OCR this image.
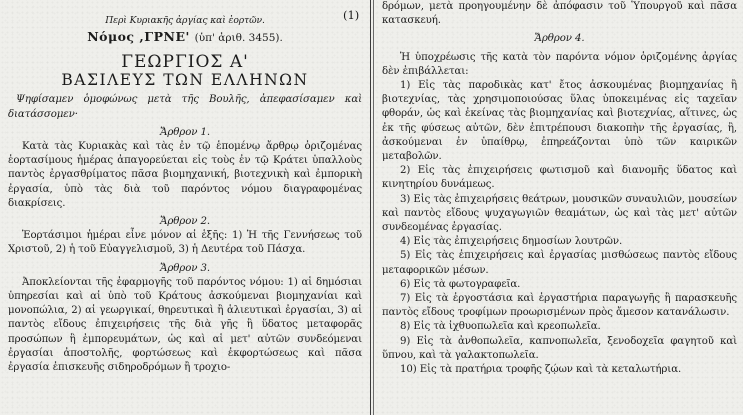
(1)

Περὶ Κυριακῆς ἀργίας καὶ ἑορτῶν.

Νόμος ,ΓΡΝΕ' (ὑπ' ἀριθ. 3455).

ΓΕΩΡΓΙΟΣ Α'

ΒΑΣΙΛΕΥΣ ΤΩΝ ΕΛΛΗΝΩΝ

Ψηφίσαμεν ὁμοφώνως μετὰ τῆς Βουλῆς, ἀπεφασίσαμεν καὶ διατάσσομεν·

Ἄρθρον 1.

Κατὰ τὰς Κυριακὰς καὶ τὰς ἐν τῷ ἑπομένῳ ἄρθρῳ ὁριζομένας ἑορτασίμους ἡμέρας ἀπαγορεύεται εἰς τοὺς ἐν τῷ Κράτει ὑπαλλοὺς παντὸς ἐργασθρίματος πᾶσα βιομηχανική, βιοτεχνικὴ καὶ ἐμπορικὴ ἐργασία, ὑπὸ τὰς διὰ τοῦ παρόντος νόμου διαγραφομένας διακρίσεις.

Ἄρθρον 2.

Ἑορτάσιμοι ἡμέραι εἶνε μόνον αἱ ἑξῆς: 1) Ἡ τῆς Γεννήσεως τοῦ Χριστοῦ, 2) ἡ τοῦ Εὐαγγελισμοῦ, 3) ἡ Δευτέρα τοῦ Πάσχα.

Ἄρθρον 3.

Ἀποκλείονται τῆς ἐφαρμογῆς τοῦ παρόντος νόμου: 1) αἱ δημόσιαι ὑπηρεσίαι καὶ αἱ ὑπὸ τοῦ Κράτους ἀσκούμεναι βιομηχανίαι καὶ μονοπώλια, 2) αἱ γεωργικαί, θηρευτικαὶ ἢ ἁλιευτικαὶ ἐργασίαι, 3) αἱ παντὸς εἴδους ἐπιχειρήσεις τῆς διὰ γῆς ἢ ὕδατος μεταφορᾶς προσώπων ἢ ἐμπορευμάτων, ὡς καὶ αἱ μετ' αὐτῶν συνδεόμεναι ἐργασίαι ἀποστολῆς, φορτώσεως καὶ ἐκφορτώσεως καὶ πᾶσα ἐργασία ἐπισκευῆς σιδηροδρόμων ἢ τροχιο-

δρόμων, μετὰ προηγουμένην δὲ ἀπόφασιν τοῦ Ὑπουργοῦ καὶ πᾶσα κατασκευή.

Ἄρθρον 4.

Ἡ ὑποχρέωσις τῆς κατὰ τὸν παρόντα νόμον ὁριζομένης ἀργίας δὲν ἐπιβάλλεται:

1) Εἰς τὰς παροδικὰς κατ' ἔτος ἀσκουμένας βιομηχανίας ἢ βιοτεχνίας, τὰς χρησιμοποιούσας ὕλας ὑποκειμένας εἰς ταχεῖαν φθοράν, ὡς καὶ ἐκείνας τὰς βιομηχανίας καὶ βιοτεχνίας, αἵτινες, ὡς ἐκ τῆς φύσεως αὐτῶν, δὲν ἐπιτρέπουσι διακοπὴν τῆς ἐργασίας, ἢ, ἀσκούμεναι ἐν ὑπαίθρῳ, ἐπηρεάζονται ὑπὸ τῶν καιρικῶν μεταβολῶν.

2) Εἰς τὰς ἐπιχειρήσεις φωτισμοῦ καὶ διανομῆς ὕδατος καὶ κινητηρίου δυνάμεως.

3) Εἰς τὰς ἐπιχειρήσεις θεάτρων, μουσικῶν συναυλιῶν, μουσείων καὶ παντὸς εἴδους ψυχαγωγιῶν θεαμάτων, ὡς καὶ τὰς μετ' αὐτῶν συνδεομένας ἐργασίας.

4) Εἰς τὰς ἐπιχειρήσεις δημοσίων λουτρῶν.

5) Εἰς τὰς ἐπιχειρήσεις καὶ ἐργασίας μισθώσεως παντὸς εἴδους μεταφορικῶν μέσων.

6) Εἰς τὰ φωτογραφεῖα.

7) Εἰς τὰ ἐργοστάσια καὶ ἐργαστήρια παραγωγῆς ἢ παρασκευῆς παντὸς εἴδους τροφίμων προωρισμένων πρὸς ἄμεσον κατανάλωσιν.

8) Εἰς τὰ ἰχθυοπωλεῖα καὶ κρεοπωλεῖα.

9) Εἰς τὰ ἀνθοπωλεῖα, καπνοπωλεῖα, ξενοδοχεῖα φαγητοῦ καὶ ὕπνου, καὶ τὰ γαλακτοπωλεῖα.

10) Εἰς τὰ πρατήρια τροφῆς ζῴων καὶ τὰ κεταλωτήρια.
